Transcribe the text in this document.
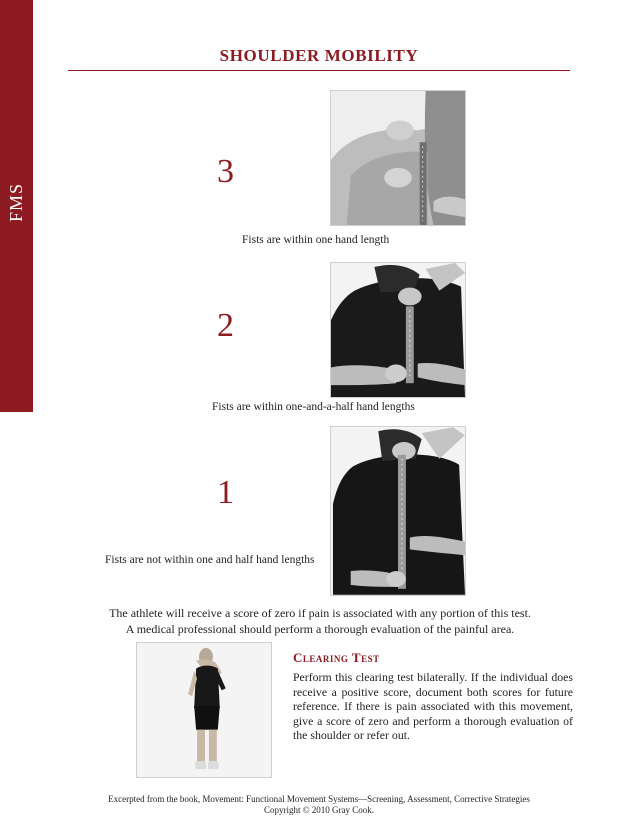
FMS
SHOULDER MOBILITY
3
Fists are within one hand length
2
Fists are within one-and-a-half hand lengths
1
Fists are not within one and half hand lengths
The athlete will receive a score of zero if pain is associated with any portion of this test.
A medical professional should perform a thorough evaluation of the painful area.
Clearing Test
Perform this clearing test bilaterally. If the individual does receive a positive score, document both scores for future reference. If there is pain associated with this movement, give a score of zero and perform a thorough evaluation of the shoulder or refer out.
Excerpted from the book, Movement: Functional Movement Systems—Screening, Assessment, Corrective Strategies
Copyright © 2010 Gray Cook.
